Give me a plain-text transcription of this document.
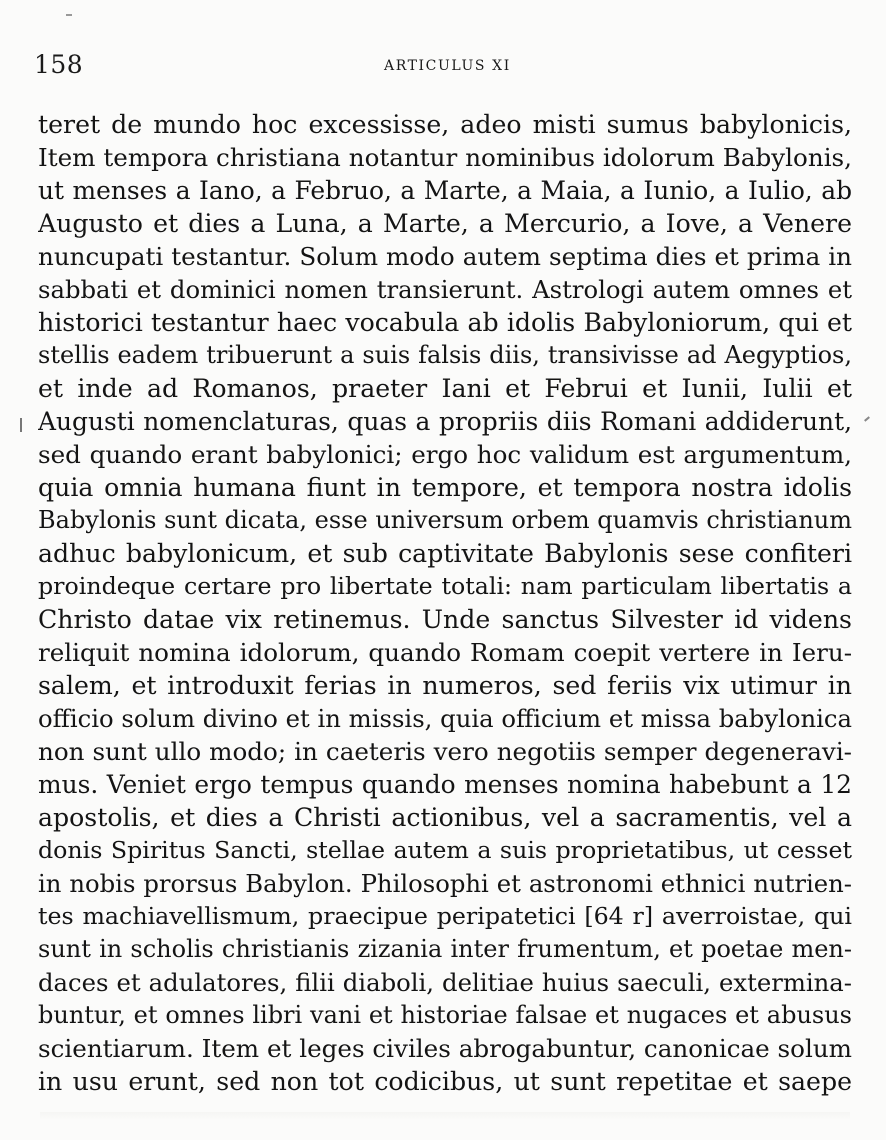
158	ARTICULUS XI
teret de mundo hoc excessisse, adeo misti sumus babylonicis,
Item tempora christiana notantur nominibus idolorum Babylonis,
ut menses a Iano, a Februo, a Marte, a Maia, a Iunio, a Iulio, ab
Augusto et dies a Luna, a Marte, a Mercurio, a Iove, a Venere
nuncupati testantur. Solum modo autem septima dies et prima in
sabbati et dominici nomen transierunt. Astrologi autem omnes et
historici testantur haec vocabula ab idolis Babyloniorum, qui et
stellis eadem tribuerunt a suis falsis diis, transivisse ad Aegyptios,
et inde ad Romanos, praeter Iani et Februi et Iunii, Iulii et
Augusti nomenclaturas, quas a propriis diis Romani addiderunt,
sed quando erant babylonici; ergo hoc validum est argumentum,
quia omnia humana fiunt in tempore, et tempora nostra idolis
Babylonis sunt dicata, esse universum orbem quamvis christianum
adhuc babylonicum, et sub captivitate Babylonis sese confiteri
proindeque certare pro libertate totali: nam particulam libertatis a
Christo datae vix retinemus. Unde sanctus Silvester id videns
reliquit nomina idolorum, quando Romam coepit vertere in Ieru-
salem, et introduxit ferias in numeros, sed feriis vix utimur in
officio solum divino et in missis, quia officium et missa babylonica
non sunt ullo modo; in caeteris vero negotiis semper degeneravi-
mus. Veniet ergo tempus quando menses nomina habebunt a 12
apostolis, et dies a Christi actionibus, vel a sacramentis, vel a
donis Spiritus Sancti, stellae autem a suis proprietatibus, ut cesset
in nobis prorsus Babylon. Philosophi et astronomi ethnici nutrien-
tes machiavellismum, praecipue peripatetici [64 r] averroistae, qui
sunt in scholis christianis zizania inter frumentum, et poetae men-
daces et adulatores, filii diaboli, delitiae huius saeculi, extermina-
buntur, et omnes libri vani et historiae falsae et nugaces et abusus
scientiarum. Item et leges civiles abrogabuntur, canonicae solum
in usu erunt, sed non tot codicibus, ut sunt repetitae et saepe
